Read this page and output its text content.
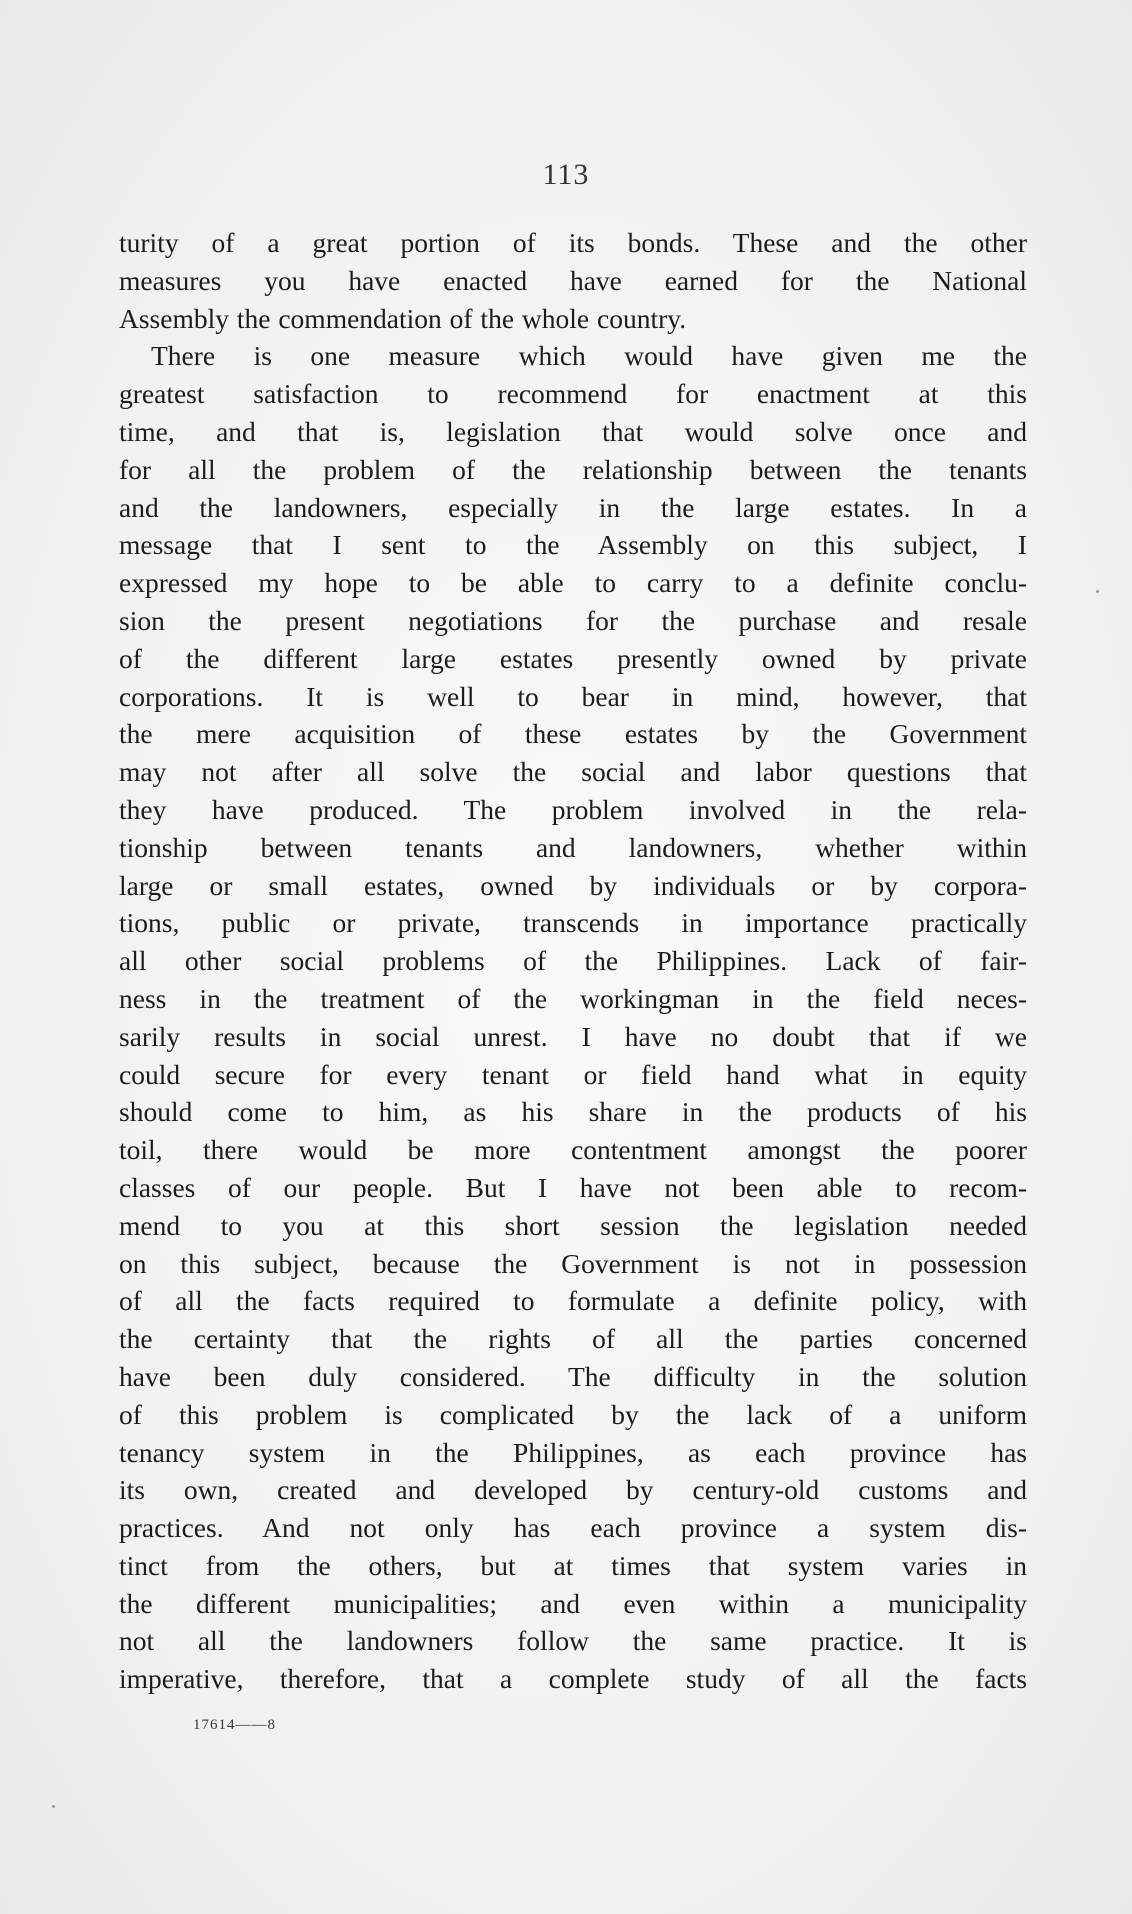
113
turity of a great portion of its bonds. These and the other
measures you have enacted have earned for the National
Assembly the commendation of the whole country.
There is one measure which would have given me the
greatest satisfaction to recommend for enactment at this
time, and that is, legislation that would solve once and
for all the problem of the relationship between the tenants
and the landowners, especially in the large estates. In a
message that I sent to the Assembly on this subject, I
expressed my hope to be able to carry to a definite conclu-
sion the present negotiations for the purchase and resale
of the different large estates presently owned by private
corporations. It is well to bear in mind, however, that
the mere acquisition of these estates by the Government
may not after all solve the social and labor questions that
they have produced. The problem involved in the rela-
tionship between tenants and landowners, whether within
large or small estates, owned by individuals or by corpora-
tions, public or private, transcends in importance practically
all other social problems of the Philippines. Lack of fair-
ness in the treatment of the workingman in the field neces-
sarily results in social unrest. I have no doubt that if we
could secure for every tenant or field hand what in equity
should come to him, as his share in the products of his
toil, there would be more contentment amongst the poorer
classes of our people. But I have not been able to recom-
mend to you at this short session the legislation needed
on this subject, because the Government is not in possession
of all the facts required to formulate a definite policy, with
the certainty that the rights of all the parties concerned
have been duly considered. The difficulty in the solution
of this problem is complicated by the lack of a uniform
tenancy system in the Philippines, as each province has
its own, created and developed by century-old customs and
practices. And not only has each province a system dis-
tinct from the others, but at times that system varies in
the different municipalities; and even within a municipality
not all the landowners follow the same practice. It is
imperative, therefore, that a complete study of all the facts
17614——8
